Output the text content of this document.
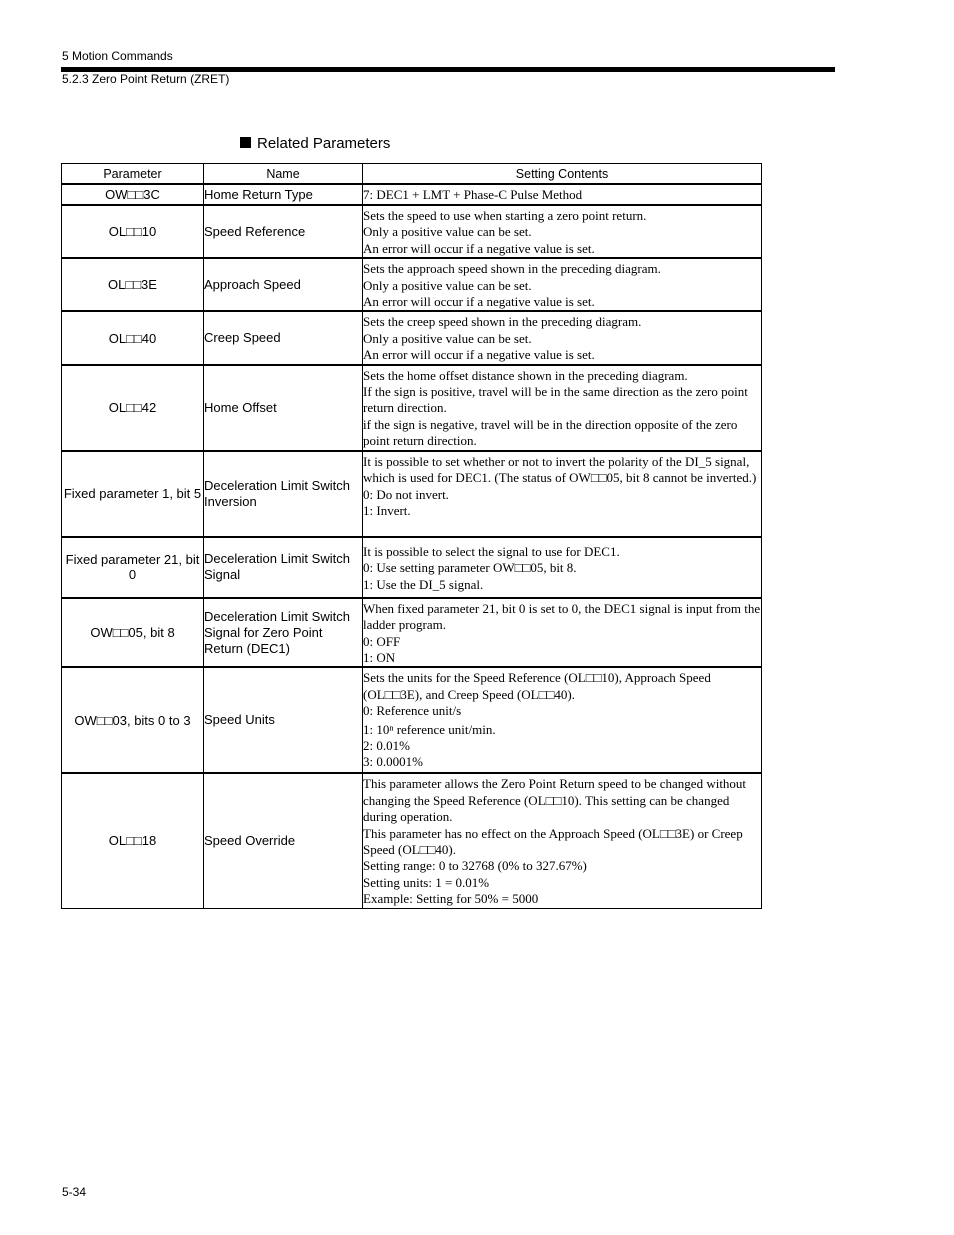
5 Motion Commands
5.2.3 Zero Point Return (ZRET)
Related Parameters
Parameter	Name	Setting Contents
OW□□3C	Home Return Type	7: DEC1 + LMT + Phase-C Pulse Method

OL□□10	Speed Reference	Sets the speed to use when starting a zero point return.
Only a positive value can be set.
An error will occur if a negative value is set.

OL□□3E	Approach Speed	Sets the approach speed shown in the preceding diagram.
Only a positive value can be set.
An error will occur if a negative value is set.

OL□□40	Creep Speed	Sets the creep speed shown in the preceding diagram.
Only a positive value can be set.
An error will occur if a negative value is set.

OL□□42	Home Offset	Sets the home offset distance shown in the preceding diagram.
If the sign is positive, travel will be in the same direction as the zero point return direction.
if the sign is negative, travel will be in the direction opposite of the zero point return direction.

Fixed parameter 1, bit 5	Deceleration Limit Switch Inversion	It is possible to set whether or not to invert the polarity of the DI_5 signal, which is used for DEC1. (The status of OW□□05, bit 8 cannot be inverted.)
0: Do not invert.
1: Invert.

Fixed parameter 21, bit 0	Deceleration Limit Switch Signal	It is possible to select the signal to use for DEC1.
0: Use setting parameter OW□□05, bit 8.
1: Use the DI_5 signal.

OW□□05, bit 8	Deceleration Limit Switch Signal for Zero Point Return (DEC1)	When fixed parameter 21, bit 0 is set to 0, the DEC1 signal is input from the ladder program.
0: OFF
1: ON

OW□□03, bits 0 to 3	Speed Units	Sets the units for the Speed Reference (OL□□10), Approach Speed (OL□□3E), and Creep Speed (OL□□40).
0: Reference unit/s
1: 10ⁿ reference unit/min.
2: 0.01%
3: 0.0001%

OL□□18	Speed Override	This parameter allows the Zero Point Return speed to be changed without changing the Speed Reference (OL□□10). This setting can be changed during operation.
This parameter has no effect on the Approach Speed (OL□□3E) or Creep Speed (OL□□40).
Setting range: 0 to 32768 (0% to 327.67%)
Setting units: 1 = 0.01%
Example: Setting for 50% = 5000
5-34
